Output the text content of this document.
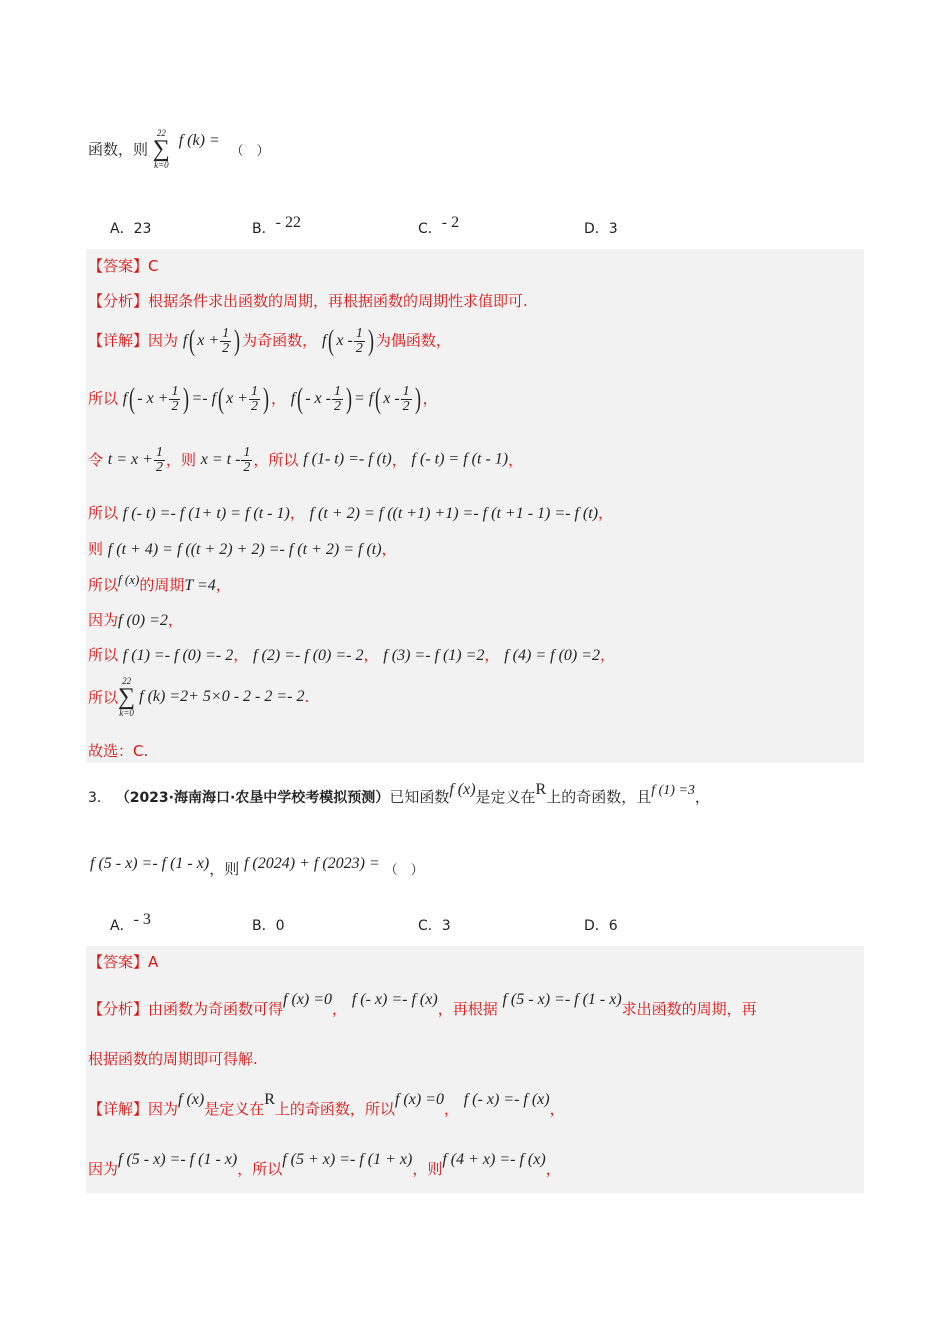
函数，则
22
∑
k=0
f (k) = （　）
A．23	B．- 22	C．- 2	D．3
【答案】C
【分析】根据条件求出函数的周期，再根据函数的周期性求值即可.
【详解】因为 f( $x + \frac{1}{2}$ ) 为奇函数， f( x - $\frac{1}{2}$ ) 为偶函数，
所以 $f( - x + \frac{1}{2}$ ) =- f( $x + \frac{1}{2}$ ) ， f( - x - $\frac{1}{2}$ ) = f( x - $\frac{1}{2}$ ) ，
令 $t = x + \frac{1}{2}$ ，则 $x = t - \frac{1}{2}$ ，所以 f (1- t) =- f (t)， f (- t) = f (t - 1)，
所以 f (- t) =- f (1+ t) = f (t - 1)， f (t + 2) = f ((t +1) +1) =- f (t +1 - 1) =- f (t)，
则 f (t + 4) = f ((t + 2) + 2) =- f (t + 2) = f (t)，
所以f (x)的周期T =4，
因为f (0) =2，
所以 f (1) =- f (0) =- 2， f (2) =- f (0) =- 2， f (3) =- f (1) =2， f (4) = f (0) =2，
所以
22
∑
k=0
f (k) =2+ 5×0 - 2 - 2 =- 2.
故选：C.
3． （2023·海南海口·农垦中学校考模拟预测）已知函数f (x)是定义在R上的奇函数，且f (1) =3，
f (5 - x) =- f (1 - x)，则 f (2024) + f (2023) = （　）
A．- 3	B．0	C．3	D．6
【答案】A
【分析】由函数为奇函数可得f (x) =0， f (- x) =- f (x)，再根据 f (5 - x) =- f (1 - x)求出函数的周期，再
根据函数的周期即可得解.
【详解】因为f (x)是定义在R上的奇函数，所以f (x) =0， f (- x) =- f (x)，
因为f (5 - x) =- f (1 - x)，所以f (5 + x) =- f (1 + x)，则f (4 + x) =- f (x)，
